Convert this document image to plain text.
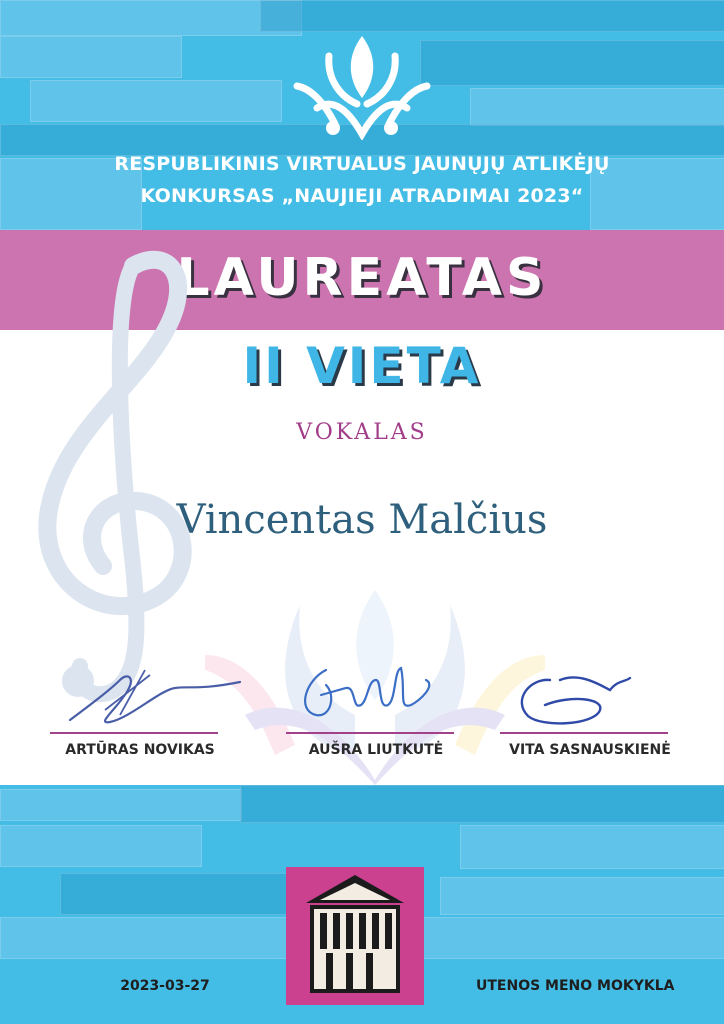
RESPUBLIKINIS VIRTUALUS JAUNŲJŲ ATLIKĖJŲ
KONKURSAS „NAUJIEJI ATRADIMAI 2023“
LAUREATAS
II VIETA
VOKALAS
Vincentas Malčius
ARTŪRAS NOVIKAS	AUŠRA LIUTKUTĖ	VITA SASNAUSKIENĖ
2023-03-27	UTENOS MENO MOKYKLA
